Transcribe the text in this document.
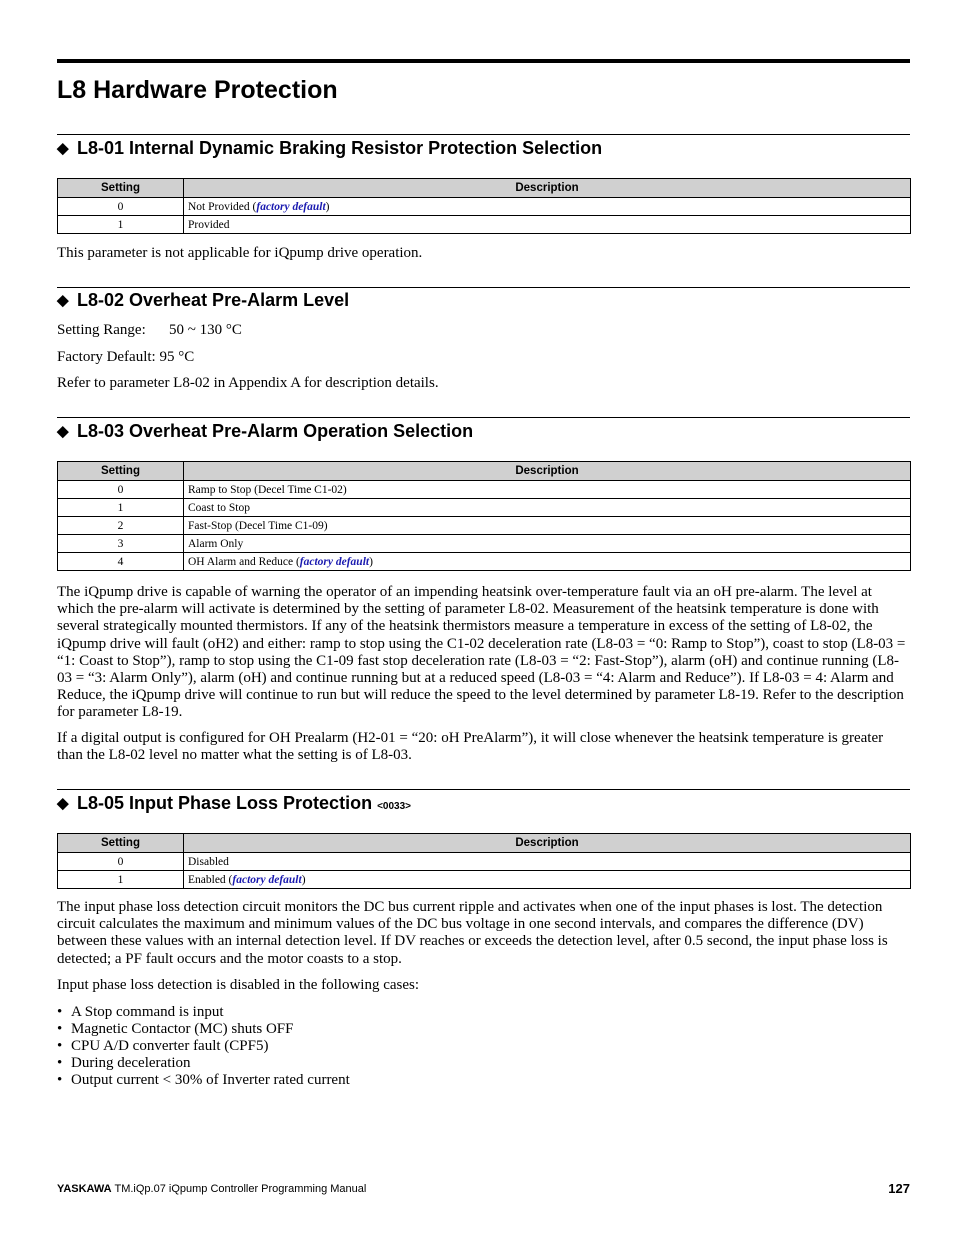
L8 Hardware Protection
◆ L8-01 Internal Dynamic Braking Resistor Protection Selection
Setting	Description
0	Not Provided (factory default)
1	Provided

This parameter is not applicable for iQpump drive operation.

◆ L8-02 Overheat Pre-Alarm Level

Setting Range: 50 ~ 130 °C

Factory Default: 95 °C

Refer to parameter L8-02 in Appendix A for description details.

◆ L8-03 Overheat Pre-Alarm Operation Selection
Setting	Description
0	Ramp to Stop (Decel Time C1-02)
1	Coast to Stop
2	Fast-Stop (Decel Time C1-09)
3	Alarm Only
4	OH Alarm and Reduce (factory default)

The iQpump drive is capable of warning the operator of an impending heatsink over-temperature fault via an oH pre-alarm. The level at which the pre-alarm will activate is determined by the setting of parameter L8-02. Measurement of the heatsink temperature is done with several strategically mounted thermistors. If any of the heatsink thermistors measure a temperature in excess of the setting of L8-02, the iQpump drive will fault (oH2) and either: ramp to stop using the C1-02 deceleration rate (L8-03 = “0: Ramp to Stop”), coast to stop (L8-03 = “1: Coast to Stop”), ramp to stop using the C1-09 fast stop deceleration rate (L8-03 = “2: Fast-Stop”), alarm (oH) and continue running (L8-03 = “3: Alarm Only”), alarm (oH) and continue running but at a reduced speed (L8-03 = “4: Alarm and Reduce”). If L8-03 = 4: Alarm and Reduce, the iQpump drive will continue to run but will reduce the speed to the level determined by parameter L8-19. Refer to the description for parameter L8-19.

If a digital output is configured for OH Prealarm (H2-01 = “20: oH PreAlarm”), it will close whenever the heatsink temperature is greater than the L8-02 level no matter what the setting is of L8-03.

◆ L8-05 Input Phase Loss Protection <0033>
Setting	Description
0	Disabled
1	Enabled (factory default)

The input phase loss detection circuit monitors the DC bus current ripple and activates when one of the input phases is lost. The detection circuit calculates the maximum and minimum values of the DC bus voltage in one second intervals, and compares the difference (DV) between these values with an internal detection level. If DV reaches or exceeds the detection level, after 0.5 second, the input phase loss is detected; a PF fault occurs and the motor coasts to a stop.

Input phase loss detection is disabled in the following cases:

• A Stop command is input
• Magnetic Contactor (MC) shuts OFF
• CPU A/D converter fault (CPF5)
• During deceleration
• Output current < 30% of Inverter rated current
YASKAWA TM.iQp.07 iQpump Controller Programming Manual	127
